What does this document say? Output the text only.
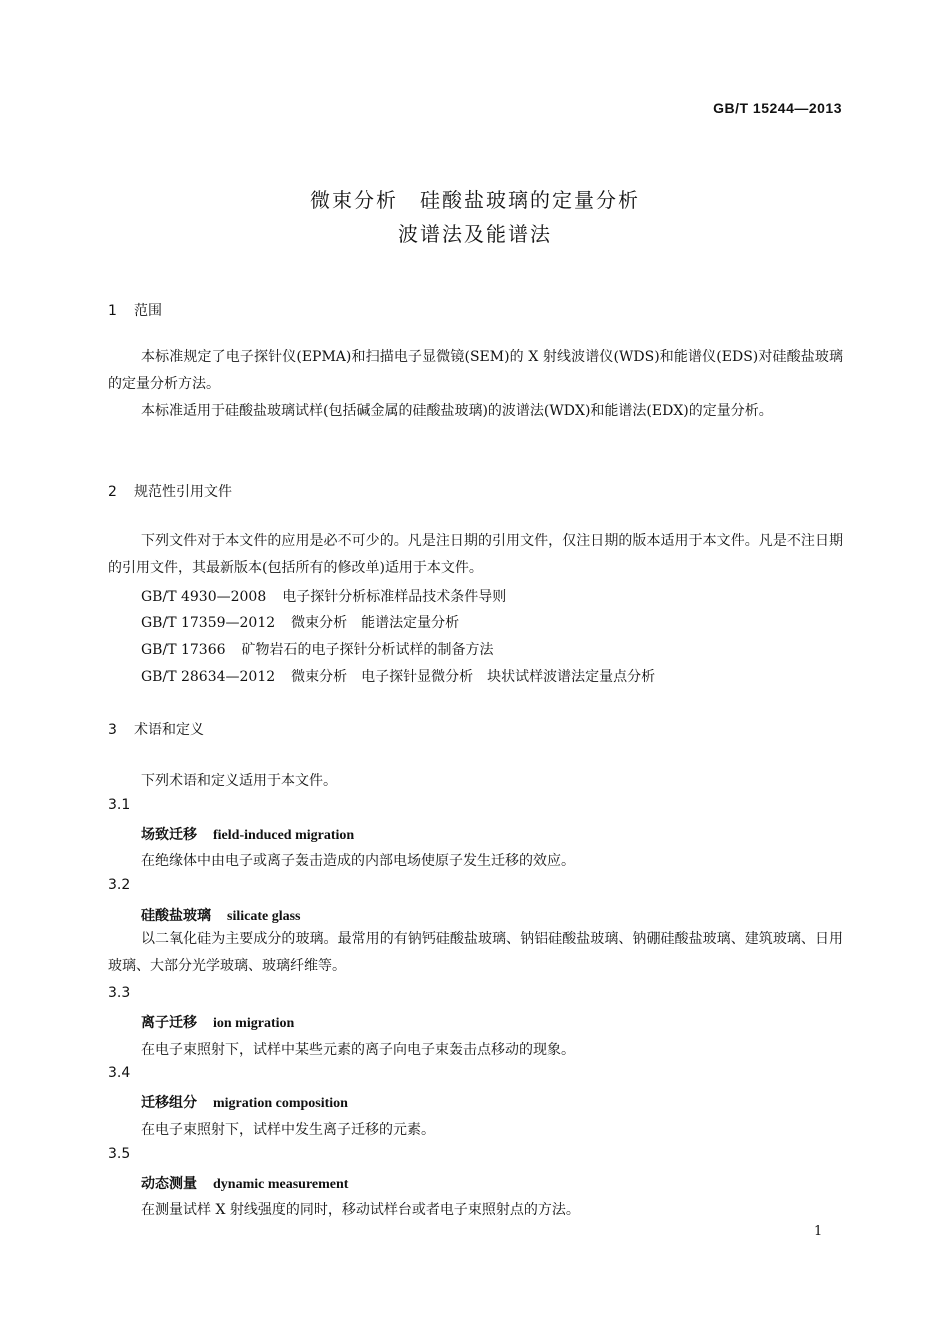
GB/T 15244—2013
微束分析　硅酸盐玻璃的定量分析
波谱法及能谱法
1 范围

本标准规定了电子探针仪(EPMA)和扫描电子显微镜(SEM)的 X 射线波谱仪(WDS)和能谱仪(EDS)对硅酸盐玻璃的定量分析方法。

本标准适用于硅酸盐玻璃试样(包括碱金属的硅酸盐玻璃)的波谱法(WDX)和能谱法(EDX)的定量分析。

2 规范性引用文件

下列文件对于本文件的应用是必不可少的。凡是注日期的引用文件，仅注日期的版本适用于本文件。凡是不注日期的引用文件，其最新版本(包括所有的修改单)适用于本文件。

GB/T 4930—2008 电子探针分析标准样品技术条件导则
GB/T 17359—2012 微束分析　能谱法定量分析
GB/T 17366 矿物岩石的电子探针分析试样的制备方法
GB/T 28634—2012 微束分析　电子探针显微分析　块状试样波谱法定量点分析
3 术语和定义
下列术语和定义适用于本文件。
3.1
场致迁移 field-induced migration
在绝缘体中由电子或离子轰击造成的内部电场使原子发生迁移的效应。
3.2
硅酸盐玻璃 silicate glass

以二氧化硅为主要成分的玻璃。最常用的有钠钙硅酸盐玻璃、钠铝硅酸盐玻璃、钠硼硅酸盐玻璃、建筑玻璃、日用玻璃、大部分光学玻璃、玻璃纤维等。

3.3
离子迁移 ion migration
在电子束照射下，试样中某些元素的离子向电子束轰击点移动的现象。
3.4
迁移组分 migration composition
在电子束照射下，试样中发生离子迁移的元素。
3.5
动态测量 dynamic measurement
在测量试样 X 射线强度的同时，移动试样台或者电子束照射点的方法。
1
